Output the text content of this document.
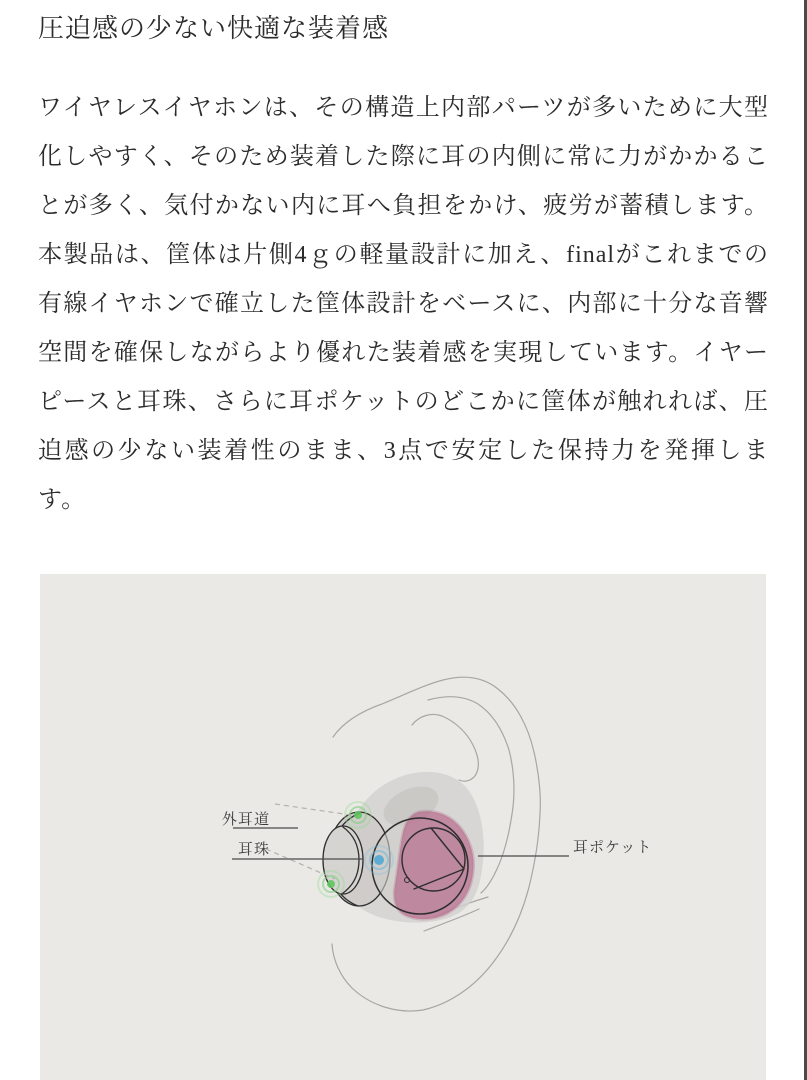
圧迫感の少ない快適な装着感

ワイヤレスイヤホンは、その構造上内部パーツが多いために大型化しやすく、そのため装着した際に耳の内側に常に力がかかることが多く、気付かない内に耳へ負担をかけ、疲労が蓄積します。本製品は、筐体は片側4ｇの軽量設計に加え、finalがこれまでの有線イヤホンで確立した筐体設計をベースに、内部に十分な音響空間を確保しながらより優れた装着感を実現しています。イヤーピースと耳珠、さらに耳ポケットのどこかに筐体が触れれば、圧迫感の少ない装着性のまま、3点で安定した保持力を発揮します。

外耳道
耳珠	耳ポケット
